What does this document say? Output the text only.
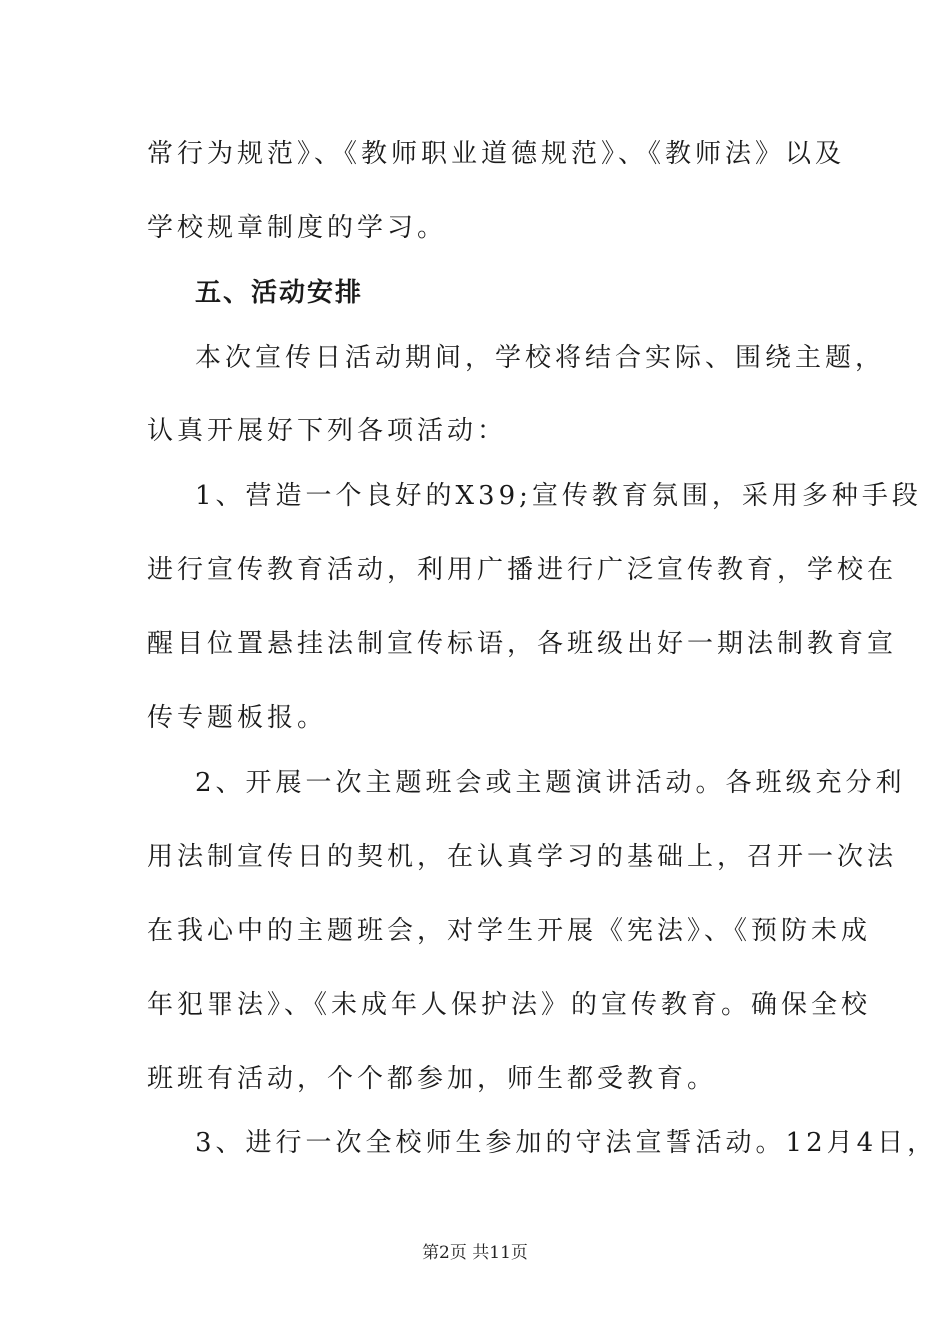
常行为规范》、《教师职业道德规范》、《教师法》以及
学校规章制度的学习。
五、活动安排
本次宣传日活动期间，学校将结合实际、围绕主题，
认真开展好下列各项活动：
1、营造一个良好的X39;宣传教育氛围，采用多种手段
进行宣传教育活动，利用广播进行广泛宣传教育，学校在
醒目位置悬挂法制宣传标语，各班级出好一期法制教育宣
传专题板报。
2、开展一次主题班会或主题演讲活动。各班级充分利
用法制宣传日的契机，在认真学习的基础上，召开一次法
在我心中的主题班会，对学生开展《宪法》、《预防未成
年犯罪法》、《未成年人保护法》的宣传教育。确保全校
班班有活动，个个都参加，师生都受教育。
3、进行一次全校师生参加的守法宣誓活动。12月4日，
第2页 共11页
